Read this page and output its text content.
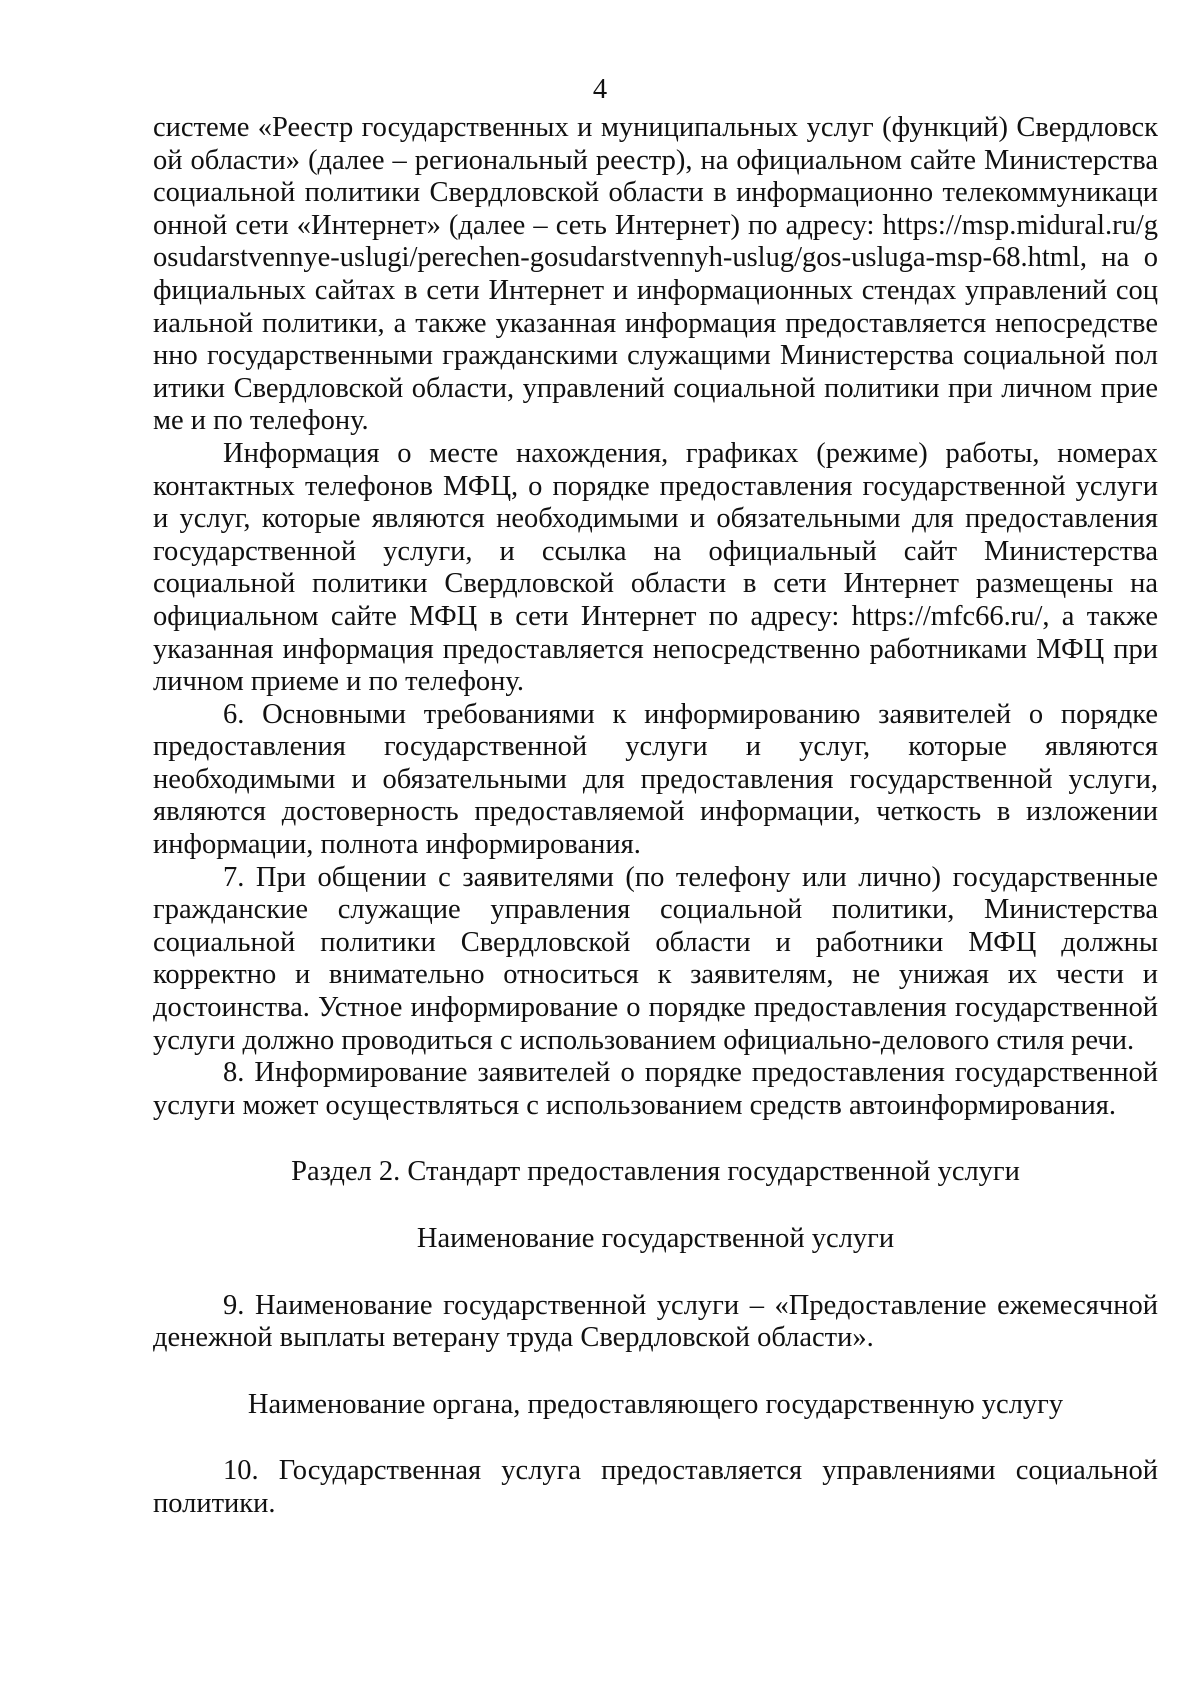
4

системе «Реестр государственных и муниципальных услуг (функций) Свердловской области» (далее – региональный реестр), на официальном сайте Министерства социальной политики Свердловской области в информационно телекоммуникационной сети «Интернет» (далее – сеть Интернет) по адресу: https://msp.midural.ru/gosudarstvennye-uslugi/perechen-gosudarstvennyh-uslug/gos-usluga-msp-68.html, на официальных сайтах в сети Интернет и информационных стендах управлений социальной политики, а также указанная информация предоставляется непосредственно государственными гражданскими служащими Министерства социальной политики Свердловской области, управлений социальной политики при личном приеме и по телефону.

Информация о месте нахождения, графиках (режиме) работы, номерах контактных телефонов МФЦ, о порядке предоставления государственной услуги и услуг, которые являются необходимыми и обязательными для предоставления государственной услуги, и ссылка на официальный сайт Министерства социальной политики Свердловской области в сети Интернет размещены на официальном сайте МФЦ в сети Интернет по адресу: https://mfc66.ru/, а также указанная информация предоставляется непосредственно работниками МФЦ при личном приеме и по телефону.

6. Основными требованиями к информированию заявителей о порядке предоставления государственной услуги и услуг, которые являются необходимыми и обязательными для предоставления государственной услуги, являются достоверность предоставляемой информации, четкость в изложении информации, полнота информирования.

7. При общении с заявителями (по телефону или лично) государственные гражданские служащие управления социальной политики, Министерства социальной политики Свердловской области и работники МФЦ должны корректно и внимательно относиться к заявителям, не унижая их чести и достоинства. Устное информирование о порядке предоставления государственной услуги должно проводиться с использованием официально-делового стиля речи.

8. Информирование заявителей о порядке предоставления государственной услуги может осуществляться с использованием средств автоинформирования.

Раздел 2. Стандарт предоставления государственной услуги

Наименование государственной услуги

9. Наименование государственной услуги – «Предоставление ежемесячной денежной выплаты ветерану труда Свердловской области».

Наименование органа, предоставляющего государственную услугу

10. Государственная услуга предоставляется управлениями социальной политики.
